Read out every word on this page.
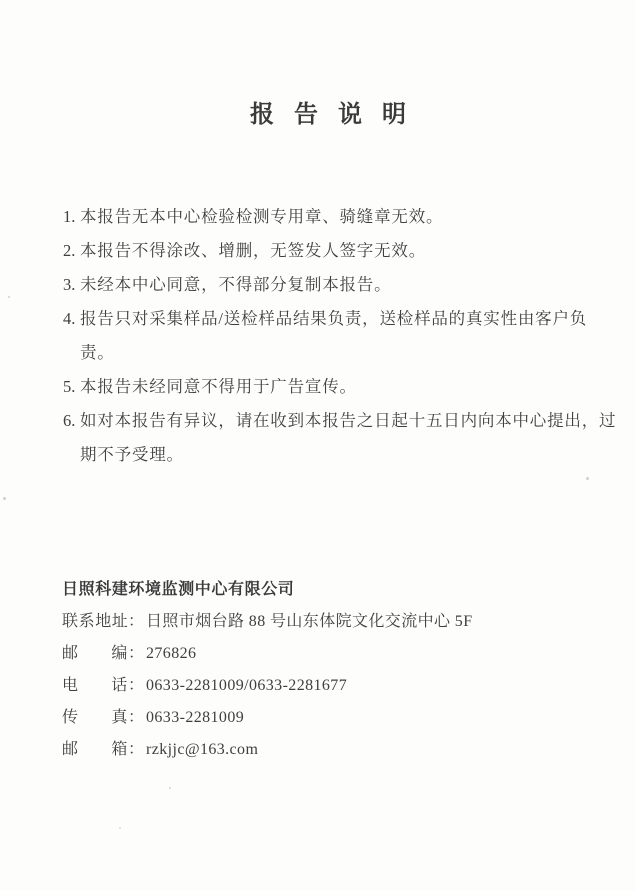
报 告 说 明
1. 本报告无本中心检验检测专用章、骑缝章无效。
2. 本报告不得涂改、增删，无签发人签字无效。
3. 未经本中心同意，不得部分复制本报告。
4. 报告只对采集样品/送检样品结果负责，送检样品的真实性由客户负责。
5. 本报告未经同意不得用于广告宣传。
6. 如对本报告有异议，请在收到本报告之日起十五日内向本中心提出，过期不予受理。
日照科建环境监测中心有限公司
联系地址：日照市烟台路 88 号山东体院文化交流中心 5F
邮编：276826
电话：0633-2281009/0633-2281677
传真：0633-2281009
邮箱：rzkjjc@163.com
